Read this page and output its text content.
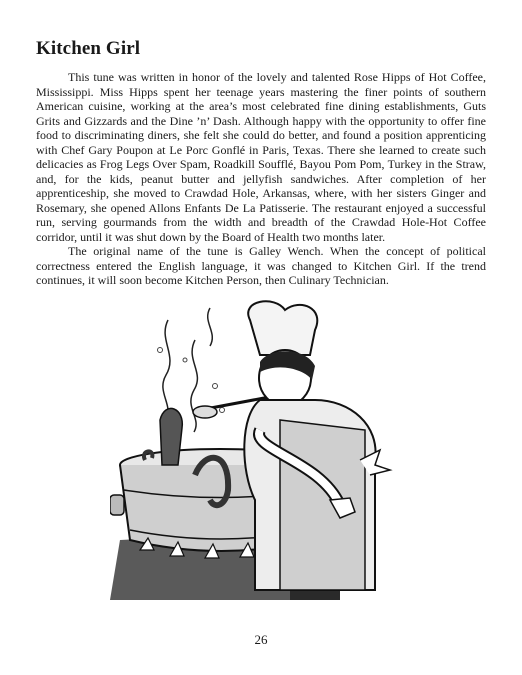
Kitchen Girl

This tune was written in honor of the lovely and talented Rose Hipps of Hot Coffee, Mississippi. Miss Hipps spent her teenage years mastering the finer points of southern American cuisine, working at the area’s most celebrated fine dining establishments, Guts Grits and Gizzards and the Dine ’n’ Dash. Although happy with the opportunity to offer fine food to discriminating diners, she felt she could do better, and found a position apprenticing with Chef Gary Poupon at Le Porc Gonflé in Paris, Texas. There she learned to create such delicacies as Frog Legs Over Spam, Roadkill Soufflé, Bayou Pom Pom, Turkey in the Straw, and, for the kids, peanut butter and jellyfish sandwiches. After completion of her apprenticeship, she moved to Crawdad Hole, Arkansas, where, with her sisters Ginger and Rosemary, she opened Allons Enfants De La Patisserie. The restaurant enjoyed a successful run, serving gourmands from the width and breadth of the Crawdad Hole-Hot Coffee corridor, until it was shut down by the Board of Health two months later.

The original name of the tune is Galley Wench. When the concept of political correctness entered the English language, it was changed to Kitchen Girl. If the trend continues, it will soon become Kitchen Person, then Culinary Technician.

26
